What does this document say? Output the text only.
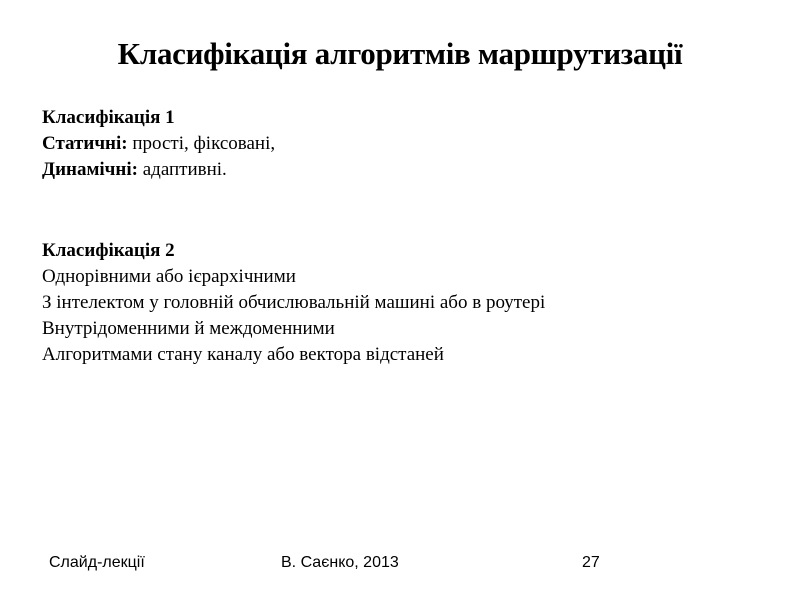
Класифікація алгоритмів маршрутизації
Класифікація 1
Статичні: прості, фіксовані,
Динамічні: адаптивні.
Класифікація 2
Однорівними або ієрархічними
З інтелектом у головній обчислювальній машині або в роутері
Внутрідоменними й междоменними
Алгоритмами стану каналу або вектора відстаней
Слайд-лекції	В. Саєнко, 2013	27
